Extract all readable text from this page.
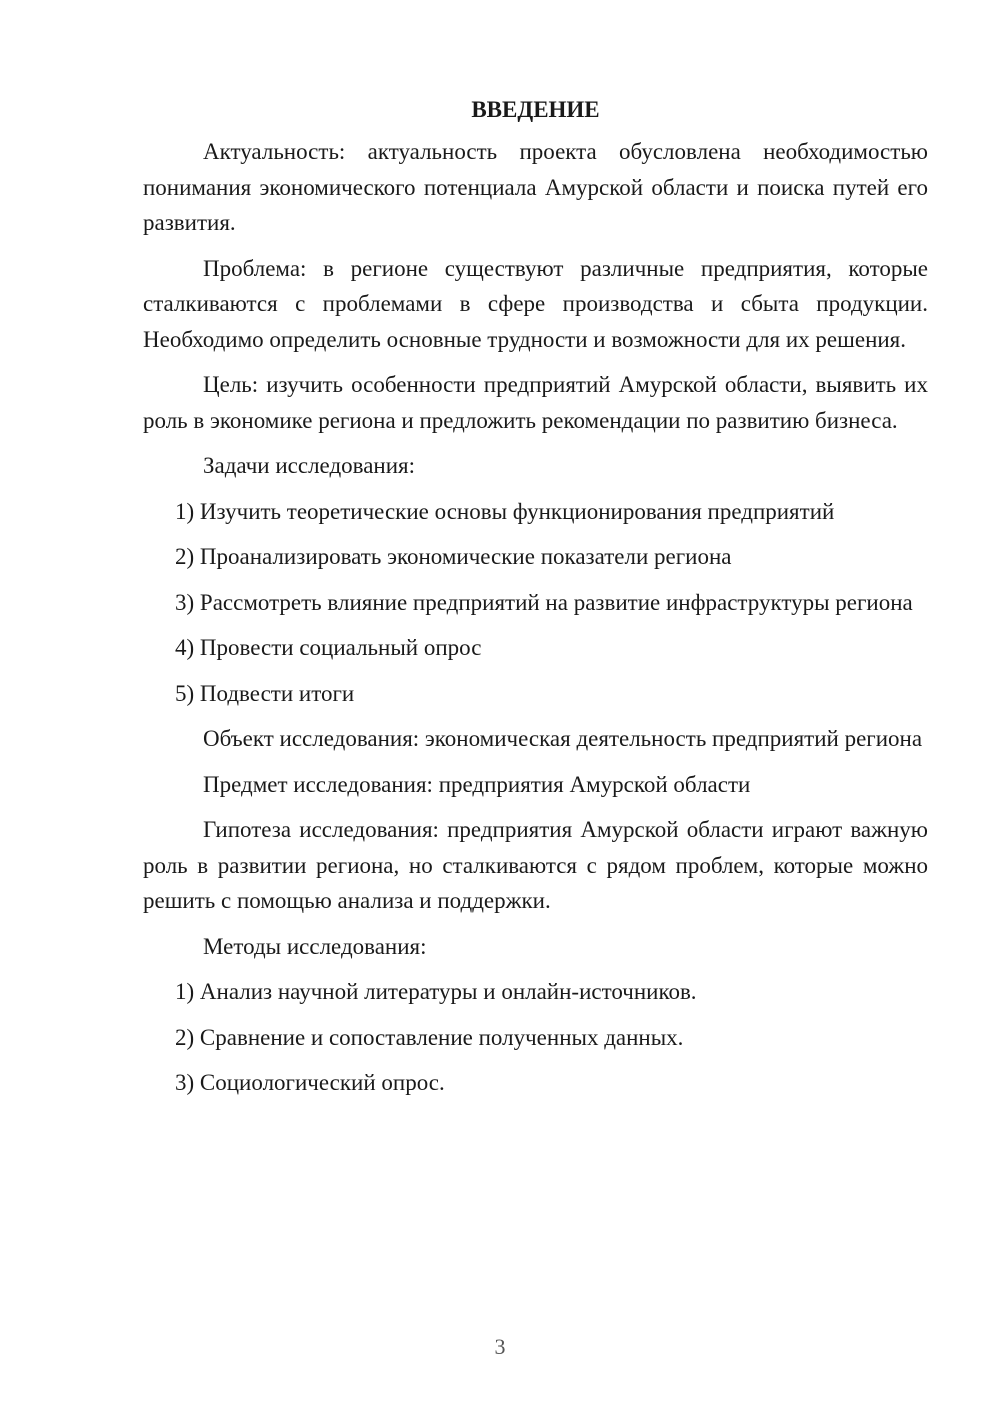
ВВЕДЕНИЕ

Актуальность: актуальность проекта обусловлена необходимостью понимания экономического потенциала Амурской области и поиска путей его развития.

Проблема: в регионе существуют различные предприятия, которые сталкиваются с проблемами в сфере производства и сбыта продукции. Необходимо определить основные трудности и возможности для их решения.

Цель: изучить особенности предприятий Амурской области, выявить их роль в экономике региона и предложить рекомендации по развитию бизнеса.

Задачи исследования:

1) Изучить теоретические основы функционирования предприятий

2) Проанализировать экономические показатели региона

3) Рассмотреть влияние предприятий на развитие инфраструктуры региона

4) Провести социальный опрос

5) Подвести итоги

Объект исследования: экономическая деятельность предприятий региона

Предмет исследования: предприятия Амурской области

Гипотеза исследования: предприятия Амурской области играют важную роль в развитии региона, но сталкиваются с рядом проблем, которые можно решить с помощью анализа и поддержки.

Методы исследования:

1) Анализ научной литературы и онлайн-источников.

2) Сравнение и сопоставление полученных данных.

3) Социологический опрос.

3
